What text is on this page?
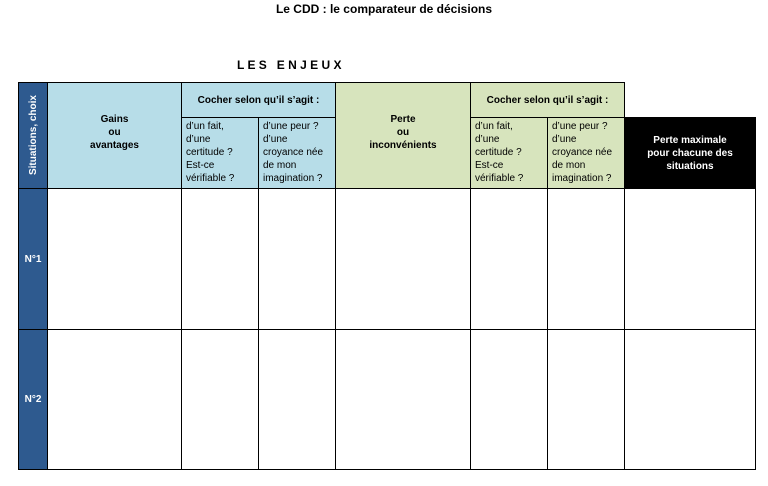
Le CDD : le comparateur de décisions
L E S   E N J E U X
Situations, choix	Gains
ou
avantages
Cocher selon qu’il s’agit :
d’un fait,
d’une
certitude ?
Est-ce
vérifiable ?
d’une peur ?
d’une
croyance née
de mon
imagination ?
Perte
ou
inconvénients
Cocher selon qu’il s’agit :
d’un fait,
d’une
certitude ?
Est-ce
vérifiable ?
d’une peur ?
d’une
croyance née
de mon
imagination ?
Perte maximale
pour chacune des
situations
N°1
N°2
